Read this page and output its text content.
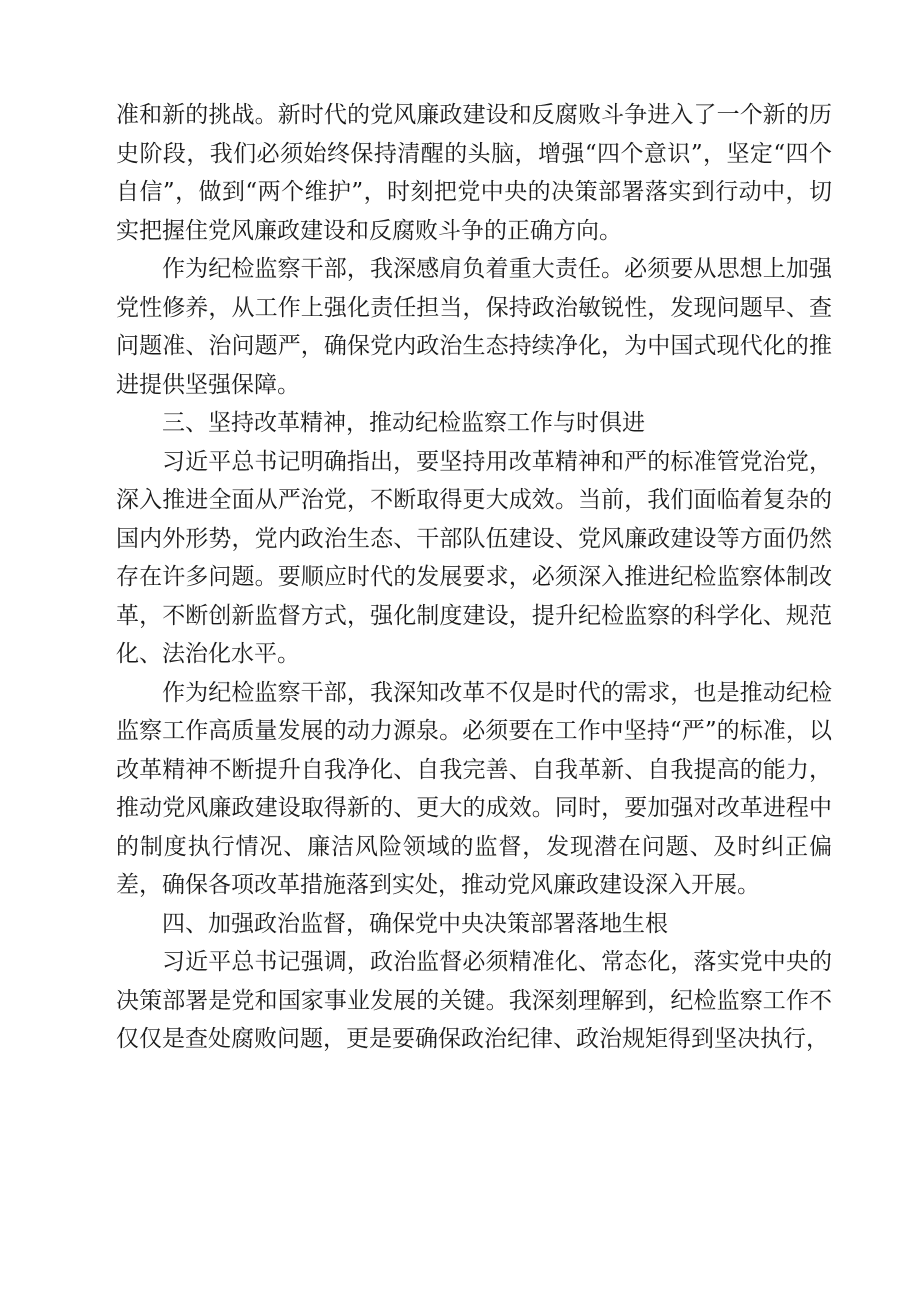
准和新的挑战。新时代的党风廉政建设和反腐败斗争进入了一个新的历史阶段，我们必须始终保持清醒的头脑，增强“四个意识”，坚定“四个自信”，做到“两个维护”，时刻把党中央的决策部署落实到行动中，切实把握住党风廉政建设和反腐败斗争的正确方向。

作为纪检监察干部，我深感肩负着重大责任。必须要从思想上加强党性修养，从工作上强化责任担当，保持政治敏锐性，发现问题早、查问题准、治问题严，确保党内政治生态持续净化，为中国式现代化的推进提供坚强保障。

三、坚持改革精神，推动纪检监察工作与时俱进

习近平总书记明确指出，要坚持用改革精神和严的标准管党治党，深入推进全面从严治党，不断取得更大成效。当前，我们面临着复杂的国内外形势，党内政治生态、干部队伍建设、党风廉政建设等方面仍然存在许多问题。要顺应时代的发展要求，必须深入推进纪检监察体制改革，不断创新监督方式，强化制度建设，提升纪检监察的科学化、规范化、法治化水平。

作为纪检监察干部，我深知改革不仅是时代的需求，也是推动纪检监察工作高质量发展的动力源泉。必须要在工作中坚持“严”的标准，以改革精神不断提升自我净化、自我完善、自我革新、自我提高的能力，推动党风廉政建设取得新的、更大的成效。同时，要加强对改革进程中的制度执行情况、廉洁风险领域的监督，发现潜在问题、及时纠正偏差，确保各项改革措施落到实处，推动党风廉政建设深入开展。

四、加强政治监督，确保党中央决策部署落地生根

习近平总书记强调，政治监督必须精准化、常态化，落实党中央的决策部署是党和国家事业发展的关键。我深刻理解到，纪检监察工作不仅仅是查处腐败问题，更是要确保政治纪律、政治规矩得到坚决执行，
